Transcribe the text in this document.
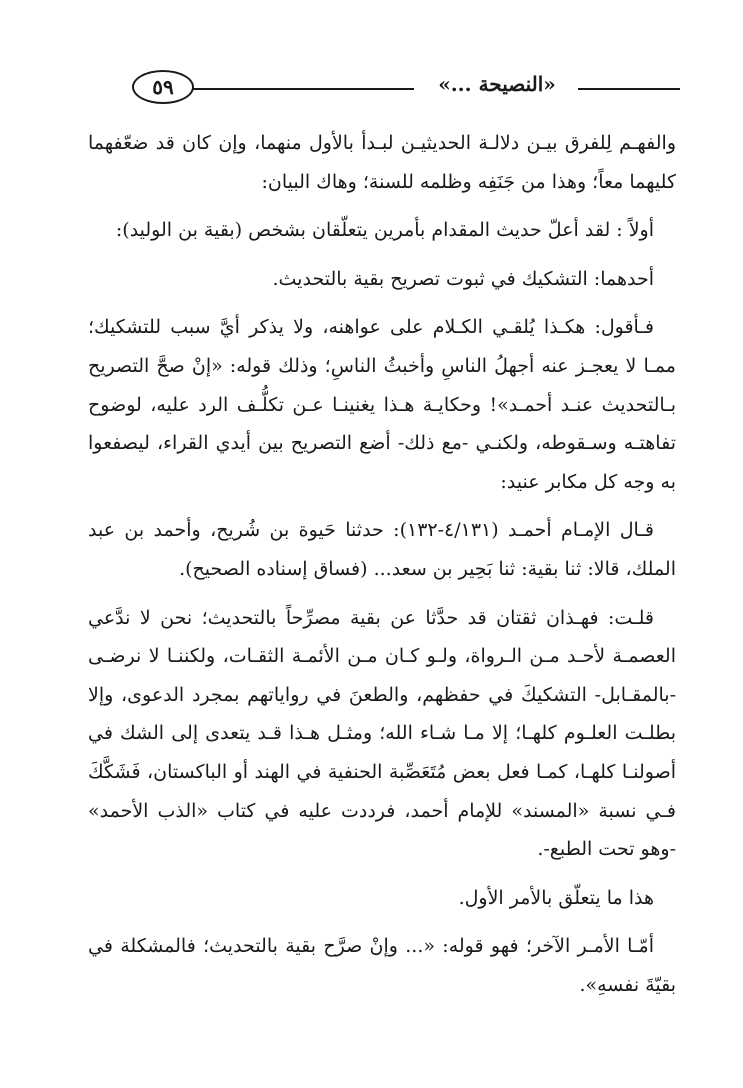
٥٩	«النصيحة ...»

والفهـم لِلفرق بيـن دلالـة الحديثيـن لبـدأ بالأول منهما، وإن كان قد ضعّفهما كليهما معاً؛ وهذا من جَنَفِه وظلمه للسنة؛ وهاك البيان:

أولاً : لقد أعلّ حديث المقدام بأمرين يتعلّقان بشخص (بقية بن الوليد):

أحدهما: التشكيك في ثبوت تصريح بقية بالتحديث.

فـأقول: هكـذا يُلقـي الكـلام على عواهنه، ولا يذكر أيَّ سبب للتشكيك؛ ممـا لا يعجـز عنه أجهلُ الناسِ وأخبثُ الناسِ؛ وذلك قوله: «إنْ صحَّ التصريح بـالتحديث عنـد أحمـد»! وحكايـة هـذا يغنينـا عـن تكلُّـف الرد عليه، لوضوح تفاهتـه وسـقوطه، ولكنـي -مع ذلك- أضع التصريح بين أيدي القراء، ليصفعوا به وجه كل مكابر عنيد:

قـال الإمـام أحمـد (٤/١٣١-١٣٢): حدثنا حَيوة بن شُريح، وأحمد بن عبد الملك، قالا: ثنا بقية: ثنا بَحِير بن سعد... (فساق إسناده الصحيح).

قلـت: فهـذان ثقتان قد حدَّثا عن بقية مصرِّحاً بالتحديث؛ نحن لا ندَّعي العصمـة لأحـد مـن الـرواة، ولـو كـان مـن الأئمـة الثقـات، ولكننـا لا نرضـى -بالمقـابل- التشكيكَ في حفظهم، والطعنَ في رواياتهم بمجرد الدعوى، وإلا بطلـت العلـوم كلهـا؛ إلا مـا شـاء الله؛ ومثـل هـذا قـد يتعدى إلى الشك في أصولنـا كلهـا، كمـا فعل بعض مُتَعَصِّبة الحنفية في الهند أو الباكستان، فَشَكَّكَ فـي نسبة «المسند» للإمام أحمد، فرددت عليه في كتاب «الذب الأحمد» -وهو تحت الطبع-.

هذا ما يتعلّق بالأمر الأول.

أمّـا الأمـر الآخر؛ فهو قوله: «... وإنْ صرَّح بقية بالتحديث؛ فالمشكلة في بقيّةَ نفسهِ».
